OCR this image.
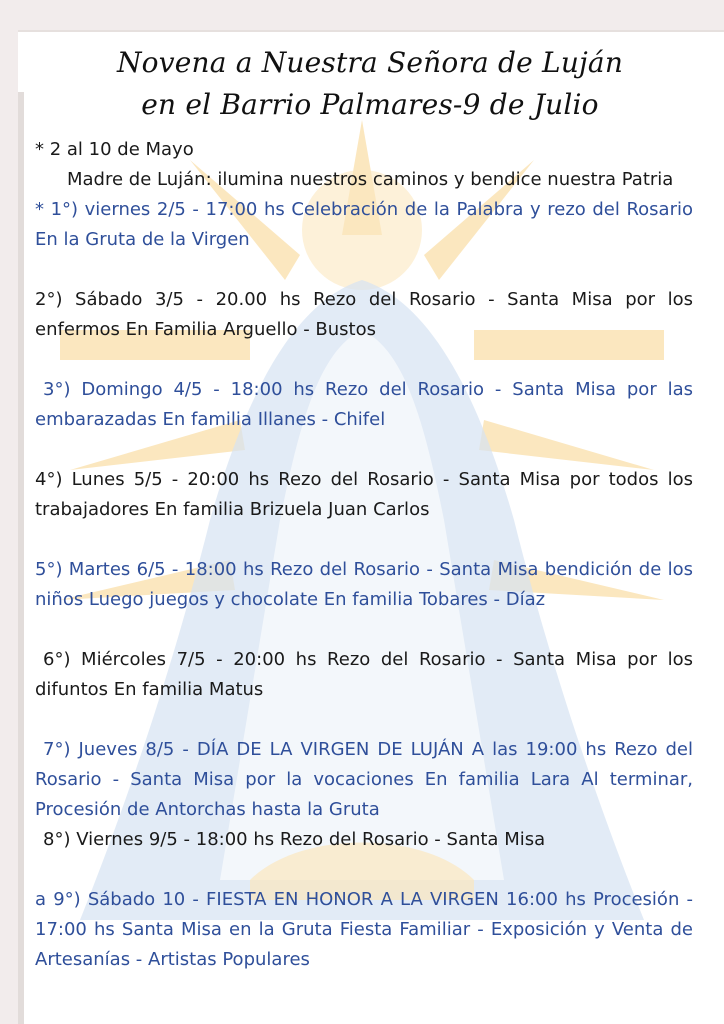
Novena a Nuestra Señora de Luján
en el Barrio Palmares-9 de Julio

* 2 al 10 de Mayo

Madre de Luján: ilumina nuestros caminos y bendice nuestra Patria

* 1°) viernes 2/5 - 17:00 hs Celebración de la Palabra y rezo del Rosario En la Gruta de la Virgen

2°) Sábado 3/5 - 20.00 hs Rezo del Rosario - Santa Misa por los enfermos En Familia Arguello - Bustos

3°) Domingo 4/5 - 18:00 hs Rezo del Rosario - Santa Misa por las embarazadas En familia Illanes - Chifel

4°) Lunes 5/5 - 20:00 hs Rezo del Rosario - Santa Misa por todos los trabajadores En familia Brizuela Juan Carlos

5°) Martes 6/5 - 18:00 hs Rezo del Rosario - Santa Misa bendición de los niños Luego juegos y chocolate En familia Tobares - Díaz

6°) Miércoles 7/5 - 20:00 hs Rezo del Rosario - Santa Misa por los difuntos En familia Matus

7°) Jueves 8/5 - DÍA DE LA VIRGEN DE LUJÁN A las 19:00 hs Rezo del Rosario - Santa Misa por la vocaciones En familia Lara Al terminar, Procesión de Antorchas hasta la Gruta

8°) Viernes 9/5 - 18:00 hs Rezo del Rosario - Santa Misa

a 9°) Sábado 10 - FIESTA EN HONOR A LA VIRGEN 16:00 hs Procesión - 17:00 hs Santa Misa en la Gruta Fiesta Familiar - Exposición y Venta de Artesanías - Artistas Populares
